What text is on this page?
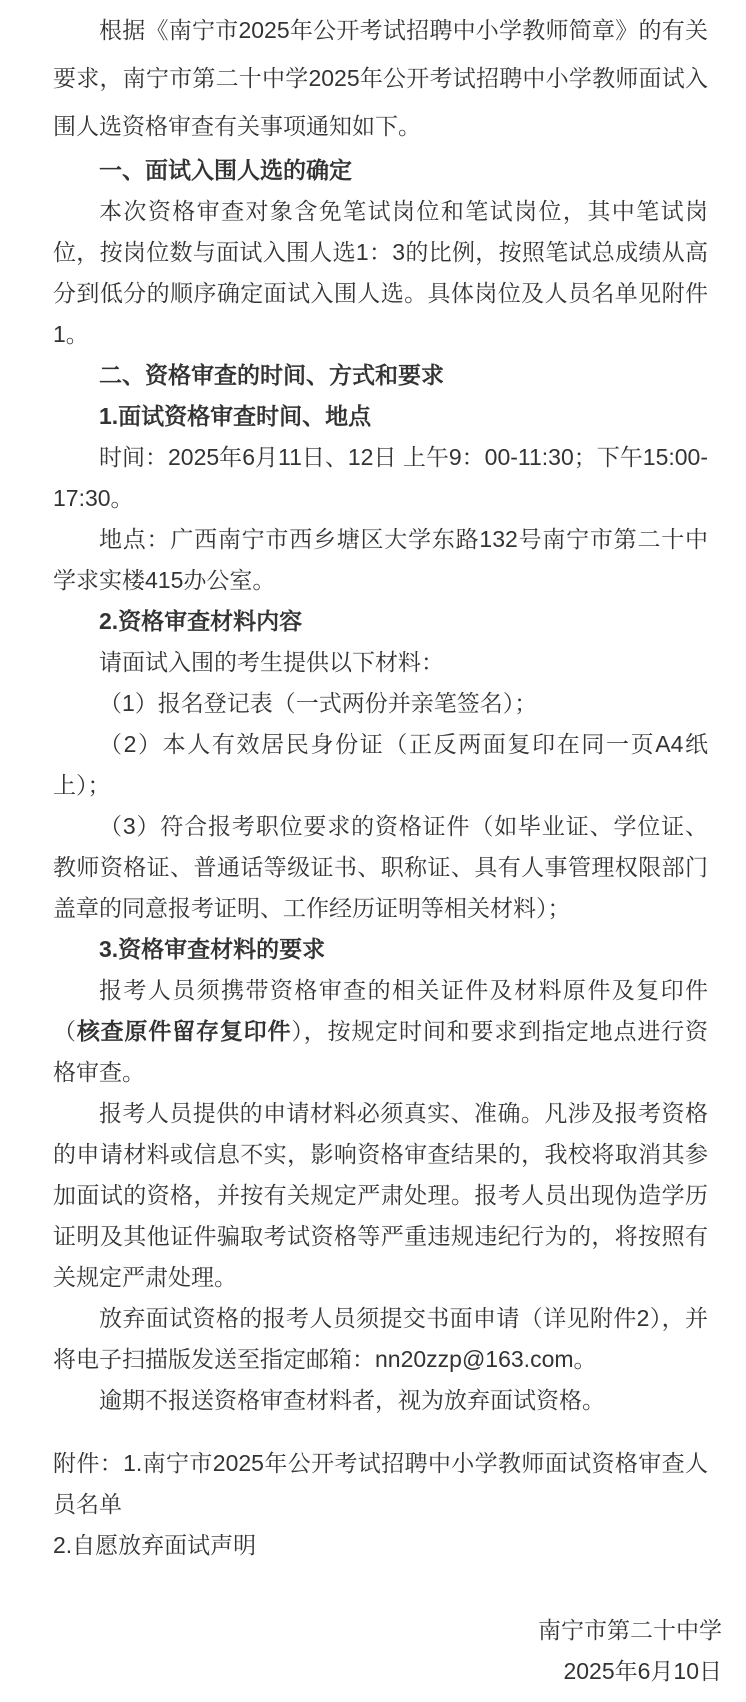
根据《南宁市2025年公开考试招聘中小学教师简章》的有关要求，南宁市第二十中学2025年公开考试招聘中小学教师面试入围人选资格审查有关事项通知如下。

一、面试入围人选的确定

本次资格审查对象含免笔试岗位和笔试岗位，其中笔试岗位，按岗位数与面试入围人选1：3的比例，按照笔试总成绩从高分到低分的顺序确定面试入围人选。具体岗位及人员名单见附件1。

二、资格审查的时间、方式和要求

1.面试资格审查时间、地点

时间：2025年6月11日、12日 上午9：00-11:30；下午15:00-17:30。

地点：广西南宁市西乡塘区大学东路132号南宁市第二十中学求实楼415办公室。

2.资格审查材料内容

请面试入围的考生提供以下材料：

（1）报名登记表（一式两份并亲笔签名）；

（2）本人有效居民身份证（正反两面复印在同一页A4纸上）；

（3）符合报考职位要求的资格证件（如毕业证、学位证、教师资格证、普通话等级证书、职称证、具有人事管理权限部门盖章的同意报考证明、工作经历证明等相关材料）；

3.资格审查材料的要求

报考人员须携带资格审查的相关证件及材料原件及复印件（核查原件留存复印件），按规定时间和要求到指定地点进行资格审查。

报考人员提供的申请材料必须真实、准确。凡涉及报考资格的申请材料或信息不实，影响资格审查结果的，我校将取消其参加面试的资格，并按有关规定严肃处理。报考人员出现伪造学历证明及其他证件骗取考试资格等严重违规违纪行为的，将按照有关规定严肃处理。

放弃面试资格的报考人员须提交书面申请（详见附件2），并将电子扫描版发送至指定邮箱：nn20zzp@163.com。

逾期不报送资格审查材料者，视为放弃面试资格。

附件：1.南宁市2025年公开考试招聘中小学教师面试资格审查人员名单

2.自愿放弃面试声明

南宁市第二十中学

2025年6月10日
